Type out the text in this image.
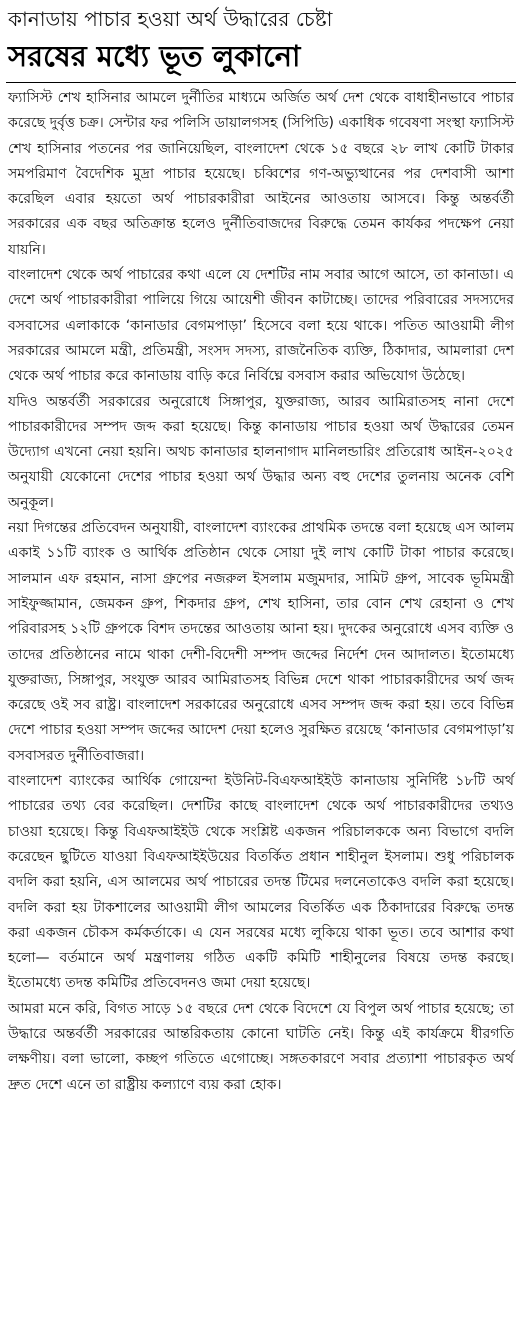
কানাডায় পাচার হওয়া অর্থ উদ্ধারের চেষ্টা
সরষের মধ্যে ভূত লুকানো

ফ্যাসিস্ট শেখ হাসিনার আমলে দুর্নীতির মাধ্যমে অর্জিত অর্থ দেশ থেকে বাধাহীনভাবে পাচার করেছে দুর্বৃত্ত চক্র। সেন্টার ফর পলিসি ডায়ালগসহ (সিপিডি) একাধিক গবেষণা সংস্থা ফ্যাসিস্ট শেখ হাসিনার পতনের পর জানিয়েছিল, বাংলাদেশ থেকে ১৫ বছরে ২৮ লাখ কোটি টাকার সমপরিমাণ বৈদেশিক মুদ্রা পাচার হয়েছে। চব্বিশের গণ-অভ্যুত্থানের পর দেশবাসী আশা করেছিল এবার হয়তো অর্থ পাচারকারীরা আইনের আওতায় আসবে। কিন্তু অন্তর্বর্তী সরকারের এক বছর অতিক্রান্ত হলেও দুর্নীতিবাজদের বিরুদ্ধে তেমন কার্যকর পদক্ষেপ নেয়া যায়নি।

বাংলাদেশ থেকে অর্থ পাচারের কথা এলে যে দেশটির নাম সবার আগে আসে, তা কানাডা। এ দেশে অর্থ পাচারকারীরা পালিয়ে গিয়ে আয়েশী জীবন কাটাচ্ছে। তাদের পরিবারের সদস্যদের বসবাসের এলাকাকে ‘কানাডার বেগমপাড়া’ হিসেবে বলা হয়ে থাকে। পতিত আওয়ামী লীগ সরকারের আমলে মন্ত্রী, প্রতিমন্ত্রী, সংসদ সদস্য, রাজনৈতিক ব্যক্তি, ঠিকাদার, আমলারা দেশ থেকে অর্থ পাচার করে কানাডায় বাড়ি করে নির্বিঘ্নে বসবাস করার অভিযোগ উঠেছে।

যদিও অন্তর্বর্তী সরকারের অনুরোধে সিঙ্গাপুর, যুক্তরাজ্য, আরব আমিরাতসহ নানা দেশে পাচারকারীদের সম্পদ জব্দ করা হয়েছে। কিন্তু কানাডায় পাচার হওয়া অর্থ উদ্ধারের তেমন উদ্যোগ এখনো নেয়া হয়নি। অথচ কানাডার হালনাগাদ মানিলন্ডারিং প্রতিরোধ আইন-২০২৫ অনুযায়ী যেকোনো দেশের পাচার হওয়া অর্থ উদ্ধার অন্য বহু দেশের তুলনায় অনেক বেশি অনুকূল।

নয়া দিগন্তের প্রতিবেদন অনুযায়ী, বাংলাদেশ ব্যাংকের প্রাথমিক তদন্তে বলা হয়েছে এস আলম একাই ১১টি ব্যাংক ও আর্থিক প্রতিষ্ঠান থেকে সোয়া দুই লাখ কোটি টাকা পাচার করেছে। সালমান এফ রহমান, নাসা গ্রুপের নজরুল ইসলাম মজুমদার, সামিট গ্রুপ, সাবেক ভূমিমন্ত্রী সাইফুজ্জামান, জেমকন গ্রুপ, শিকদার গ্রুপ, শেখ হাসিনা, তার বোন শেখ রেহানা ও শেখ পরিবারসহ ১২টি গ্রুপকে বিশদ তদন্তের আওতায় আনা হয়। দুদকের অনুরোধে এসব ব্যক্তি ও তাদের প্রতিষ্ঠানের নামে থাকা দেশী-বিদেশী সম্পদ জব্দের নির্দেশ দেন আদালত। ইতোমধ্যে যুক্তরাজ্য, সিঙ্গাপুর, সংযুক্ত আরব আমিরাতসহ বিভিন্ন দেশে থাকা পাচারকারীদের অর্থ জব্দ করেছে ওই সব রাষ্ট্র। বাংলাদেশ সরকারের অনুরোধে এসব সম্পদ জব্দ করা হয়। তবে বিভিন্ন দেশে পাচার হওয়া সম্পদ জব্দের আদেশ দেয়া হলেও সুরক্ষিত রয়েছে ‘কানাডার বেগমপাড়া’য় বসবাসরত দুর্নীতিবাজরা।

বাংলাদেশ ব্যাংকের আর্থিক গোয়েন্দা ইউনিট-বিএফআইইউ কানাডায় সুনির্দিষ্ট ১৮টি অর্থ পাচারের তথ্য বের করেছিল। দেশটির কাছে বাংলাদেশ থেকে অর্থ পাচারকারীদের তথ্যও চাওয়া হয়েছে। কিন্তু বিএফআইইউ থেকে সংশ্লিষ্ট একজন পরিচালককে অন্য বিভাগে বদলি করেছেন ছুটিতে যাওয়া বিএফআইইউয়ের বিতর্কিত প্রধান শাহীনুল ইসলাম। শুধু পরিচালক বদলি করা হয়নি, এস আলমের অর্থ পাচারের তদন্ত টিমের দলনেতাকেও বদলি করা হয়েছে। বদলি করা হয় টাকশালের আওয়ামী লীগ আমলের বিতর্কিত এক ঠিকাদারের বিরুদ্ধে তদন্ত করা একজন চৌকস কর্মকর্তাকে। এ যেন সরষের মধ্যে লুকিয়ে থাকা ভূত। তবে আশার কথা হলো— বর্তমানে অর্থ মন্ত্রণালয় গঠিত একটি কমিটি শাহীনুলের বিষয়ে তদন্ত করছে। ইতোমধ্যে তদন্ত কমিটির প্রতিবেদনও জমা দেয়া হয়েছে।

আমরা মনে করি, বিগত সাড়ে ১৫ বছরে দেশ থেকে বিদেশে যে বিপুল অর্থ পাচার হয়েছে; তা উদ্ধারে অন্তর্বর্তী সরকারের আন্তরিকতায় কোনো ঘাটতি নেই। কিন্তু এই কার্যক্রমে ধীরগতি লক্ষণীয়। বলা ভালো, কচ্ছপ গতিতে এগোচ্ছে। সঙ্গতকারণে সবার প্রত্যাশা পাচারকৃত অর্থ দ্রুত দেশে এনে তা রাষ্ট্রীয় কল্যাণে ব্যয় করা হোক।
